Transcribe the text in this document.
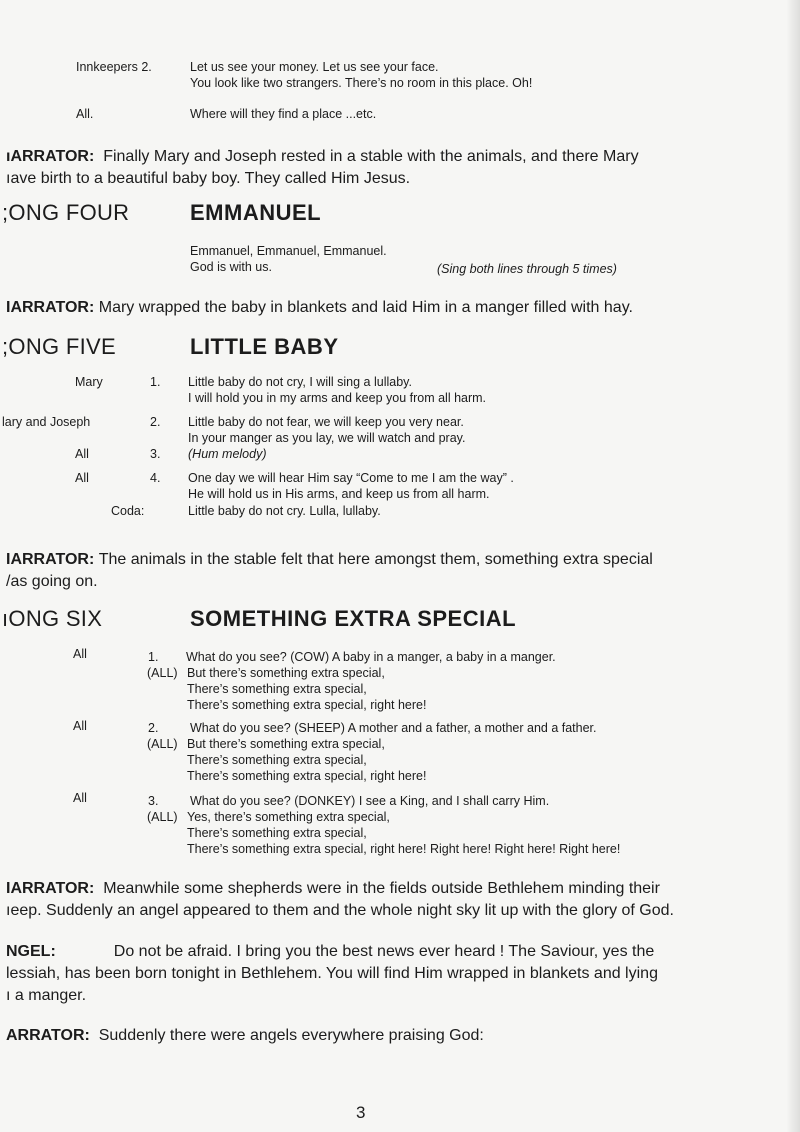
Innkeepers 2.	Let us see your money. Let us see your face.
You look like two strangers. There’s no room in this place. Oh!
All.	Where will they find a place ...etc.
ıARRATOR: Finally Mary and Joseph rested in a stable with the animals, and there Mary
ıave birth to a beautiful baby boy. They called Him Jesus.
;ONG FOUR	EMMANUEL
Emmanuel, Emmanuel, Emmanuel.
God is with us.	(Sing both lines through 5 times)
IARRATOR: Mary wrapped the baby in blankets and laid Him in a manger filled with hay.
;ONG FIVE	LITTLE BABY
Mary	1. Little baby do not cry, I will sing a lullaby.
I will hold you in my arms and keep you from all harm.
lary and Joseph	2. Little baby do not fear, we will keep you very near.
In your manger as you lay, we will watch and pray.
All	3. (Hum melody)
All	4. One day we will hear Him say “Come to me I am the way” .
He will hold us in His arms, and keep us from all harm.
Coda:	Little baby do not cry. Lulla, lullaby.
IARRATOR: The animals in the stable felt that here amongst them, something extra special
/as going on.
ıONG SIX	SOMETHING EXTRA SPECIAL
All	1. What do you see? (COW) A baby in a manger, a baby in a manger.
(ALL) But there’s something extra special,
There’s something extra special,
There’s something extra special, right here!
All	2.	What do you see? (SHEEP) A mother and a father, a mother and a father.
(ALL) But there’s something extra special,
There’s something extra special,
There’s something extra special, right here!
All	3.	What do you see? (DONKEY) I see a King, and I shall carry Him.
(ALL) Yes, there’s something extra special,
There’s something extra special,
There’s something extra special, right here! Right here! Right here! Right here!
IARRATOR: Meanwhile some shepherds were in the fields outside Bethlehem minding their
ıeep. Suddenly an angel appeared to them and the whole night sky lit up with the glory of God.
NGEL:	Do not be afraid. I bring you the best news ever heard ! The Saviour, yes the
lessiah, has been born tonight in Bethlehem. You will find Him wrapped in blankets and lying
ı a manger.
ARRATOR: Suddenly there were angels everywhere praising God:
3
